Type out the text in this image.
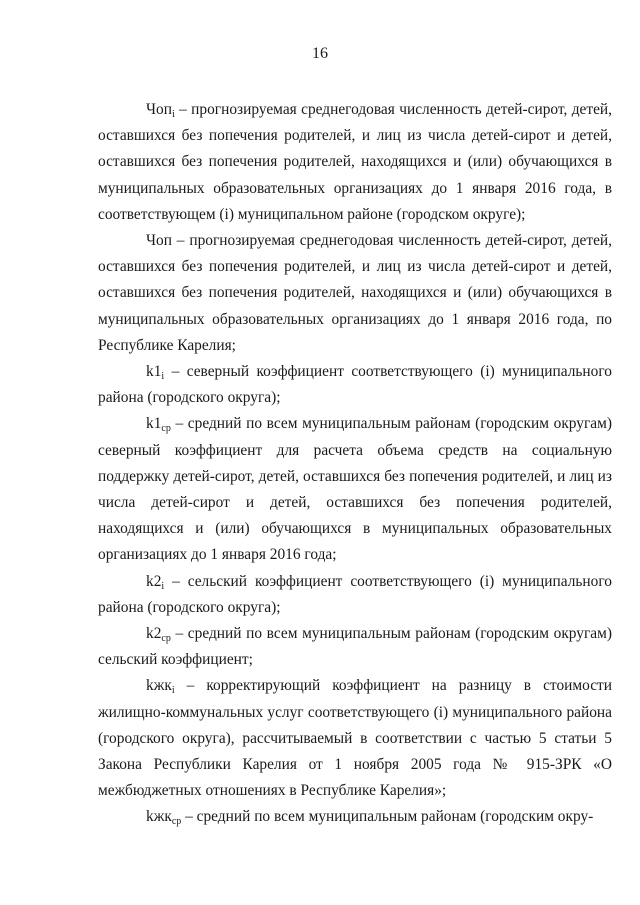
16

Чоп$_i$ – прогнозируемая среднегодовая численность детей-сирот, детей, оставшихся без попечения родителей, и лиц из числа детей-сирот и детей, оставшихся без попечения родителей, находящихся и (или) обучающихся в муниципальных образовательных организациях до 1 января 2016 года, в соответствующем (i) муниципальном районе (городском округе);

Чоп – прогнозируемая среднегодовая численность детей-сирот, детей, оставшихся без попечения родителей, и лиц из числа детей-сирот и детей, оставшихся без попечения родителей, находящихся и (или) обучающихся в муниципальных образовательных организациях до 1 января 2016 года, по Республике Карелия;

$k1_i$ – северный коэффициент соответствующего (i) муниципального района (городского округа);

$k1_{ср}$ – средний по всем муниципальным районам (городским округам) северный коэффициент для расчета объема средств на социальную поддержку детей-сирот, детей, оставшихся без попечения родителей, и лиц из числа детей-сирот и детей, оставшихся без попечения родителей, находящихся и (или) обучающихся в муниципальных образовательных организациях до 1 января 2016 года;

$k2_i$ – сельский коэффициент соответствующего (i) муниципального района (городского округа);

$k2_{ср}$ – средний по всем муниципальным районам (городским округам) сельский коэффициент;

kжк$_i$ – корректирующий коэффициент на разницу в стоимости жилищно-коммунальных услуг соответствующего (i) муниципального района (городского округа), рассчитываемый в соответствии с частью 5 статьи 5 Закона Республики Карелия от 1 ноября 2005 года № 915-ЗРК «О межбюджетных отношениях в Республике Карелия»;

kжк$_{ср}$ – средний по всем муниципальным районам (городским окру-
